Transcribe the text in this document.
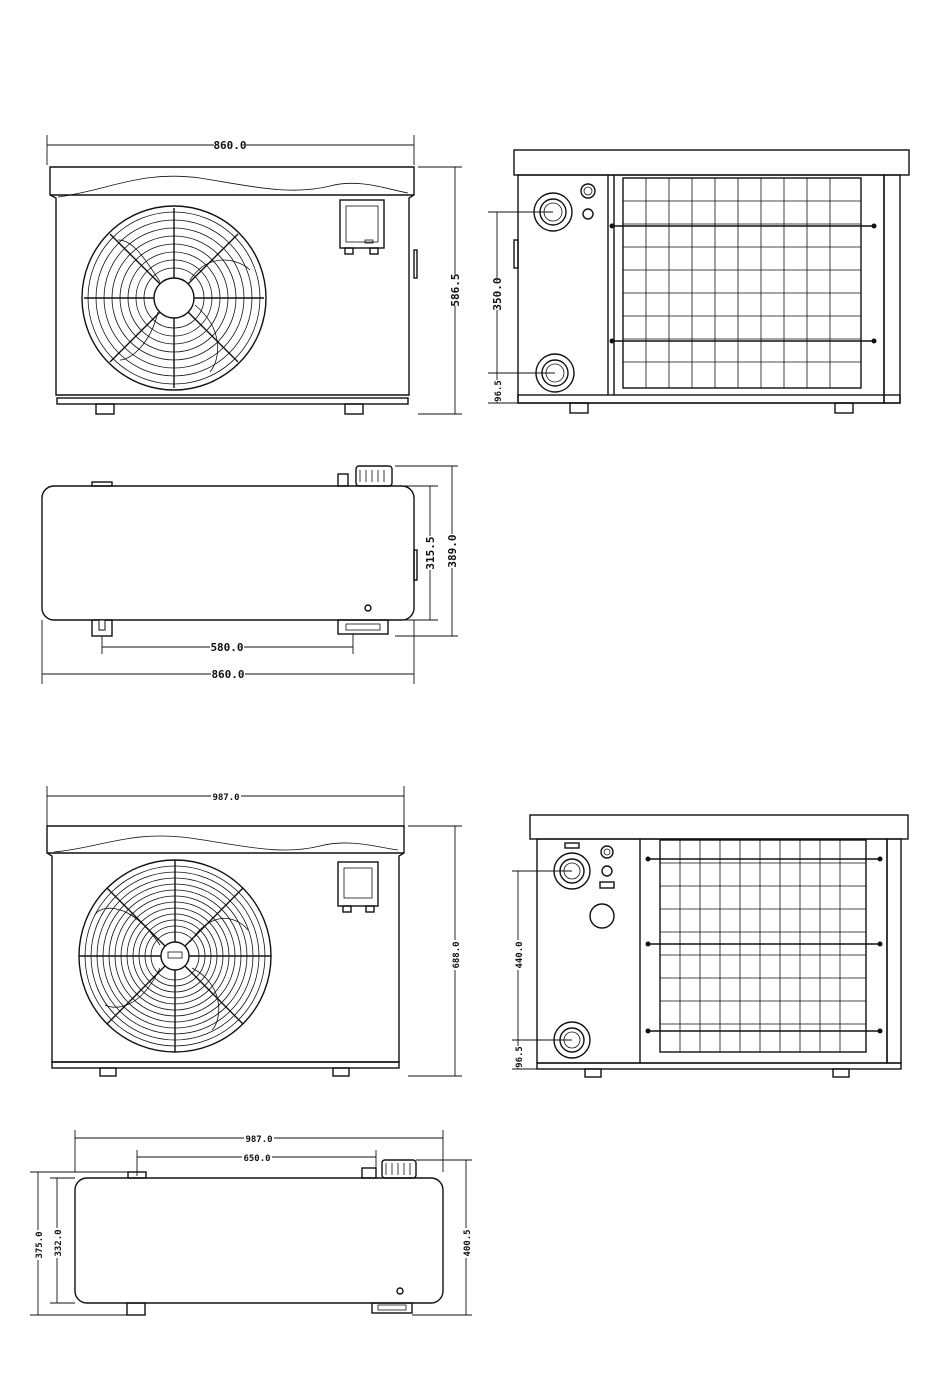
860.0
586.5	350.0
96.5
315.5 389.0
580.0
860.0
987.0
688.0	440.0
96.5
987.0
650.0
375.0 332.0	400.5
